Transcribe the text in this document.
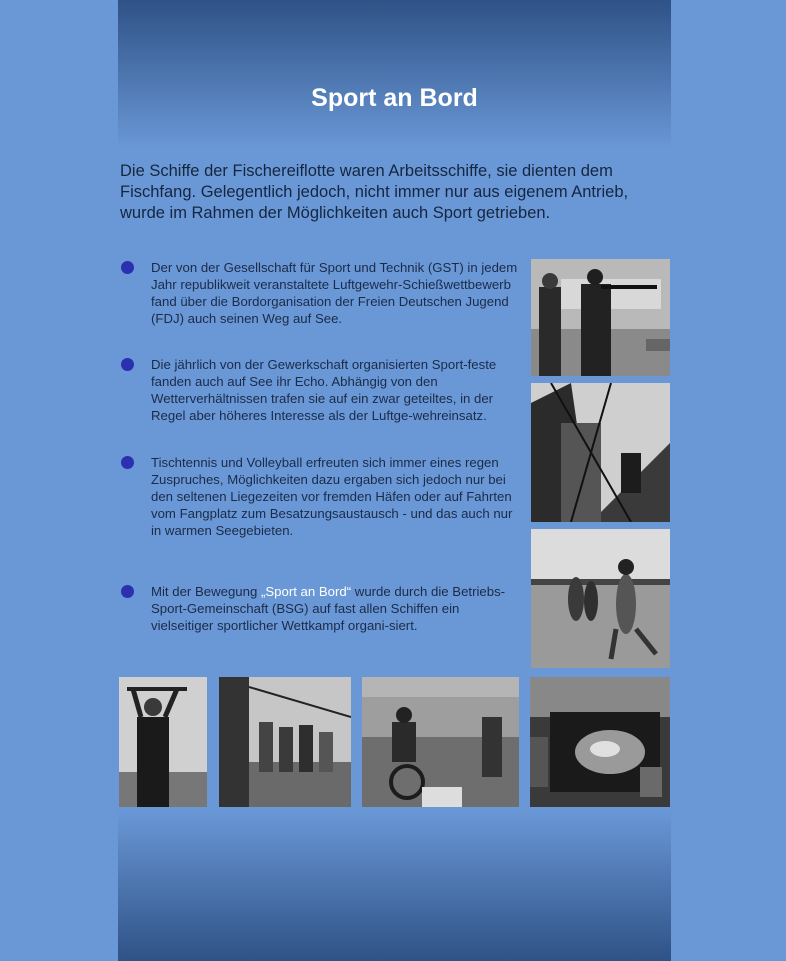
Sport an Bord
Die Schiffe der Fischereiflotte waren Arbeitsschiffe, sie dienten dem Fischfang. Gelegentlich jedoch, nicht immer nur aus eigenem Antrieb, wurde im Rahmen der Möglichkeiten auch Sport getrieben.
Der von der Gesellschaft für Sport und Technik (GST) in jedem Jahr republikweit veranstaltete Luftgewehr-Schießwettbewerb fand über die Bordorganisation der Freien Deutschen Jugend (FDJ) auch seinen Weg auf See.
Die jährlich von der Gewerkschaft organisierten Sport-feste fanden auch auf See ihr Echo. Abhängig von den Wetterverhältnissen trafen sie auf ein zwar geteiltes, in der Regel aber höheres Interesse als der Luftge-wehreinsatz.
Tischtennis und Volleyball erfreuten sich immer eines regen Zuspruches, Möglichkeiten dazu ergaben sich jedoch nur bei den seltenen Liegezeiten vor fremden Häfen oder auf Fahrten vom Fangplatz zum Besatzungsaustausch - und das auch nur in warmen Seegebieten.
Mit der Bewegung „Sport an Bord“ wurde durch die Betriebs-Sport-Gemeinschaft (BSG) auf fast allen Schiffen ein vielseitiger sportlicher Wettkampf organi-siert.
